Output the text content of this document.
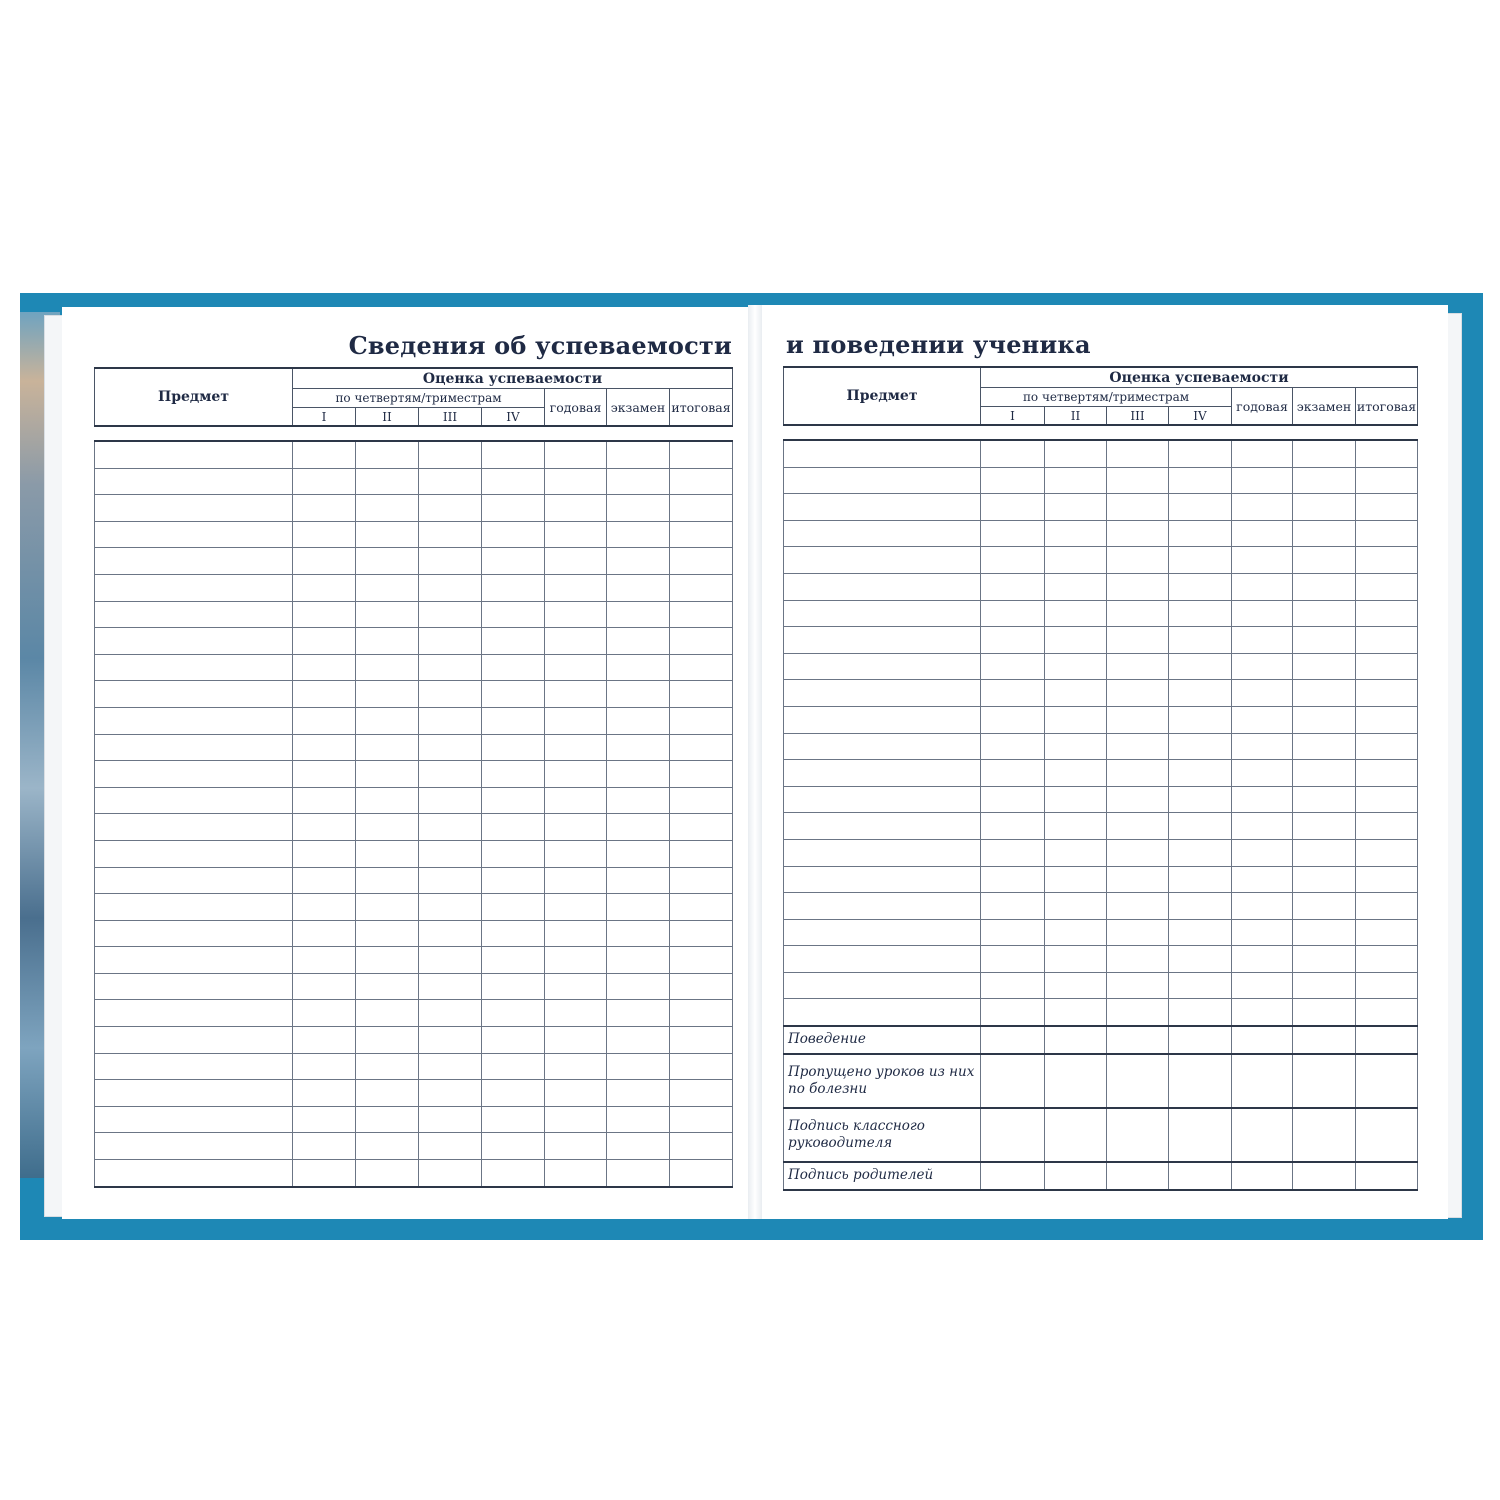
Сведения об успеваемости и поведении ученика
Предмет	Оценка успеваемости						
	по четвертям/триместрам				годовая	экзамен	итоговая
	I	II	III	IV			

Предмет	Оценка успеваемости						
	по четвертям/триместрам				годовая	экзамен	итоговая
	I	II	III	IV			

Поведение							
Пропущено уроков из них по болезни							
Подпись классного руководителя							
Подпись родителей							
